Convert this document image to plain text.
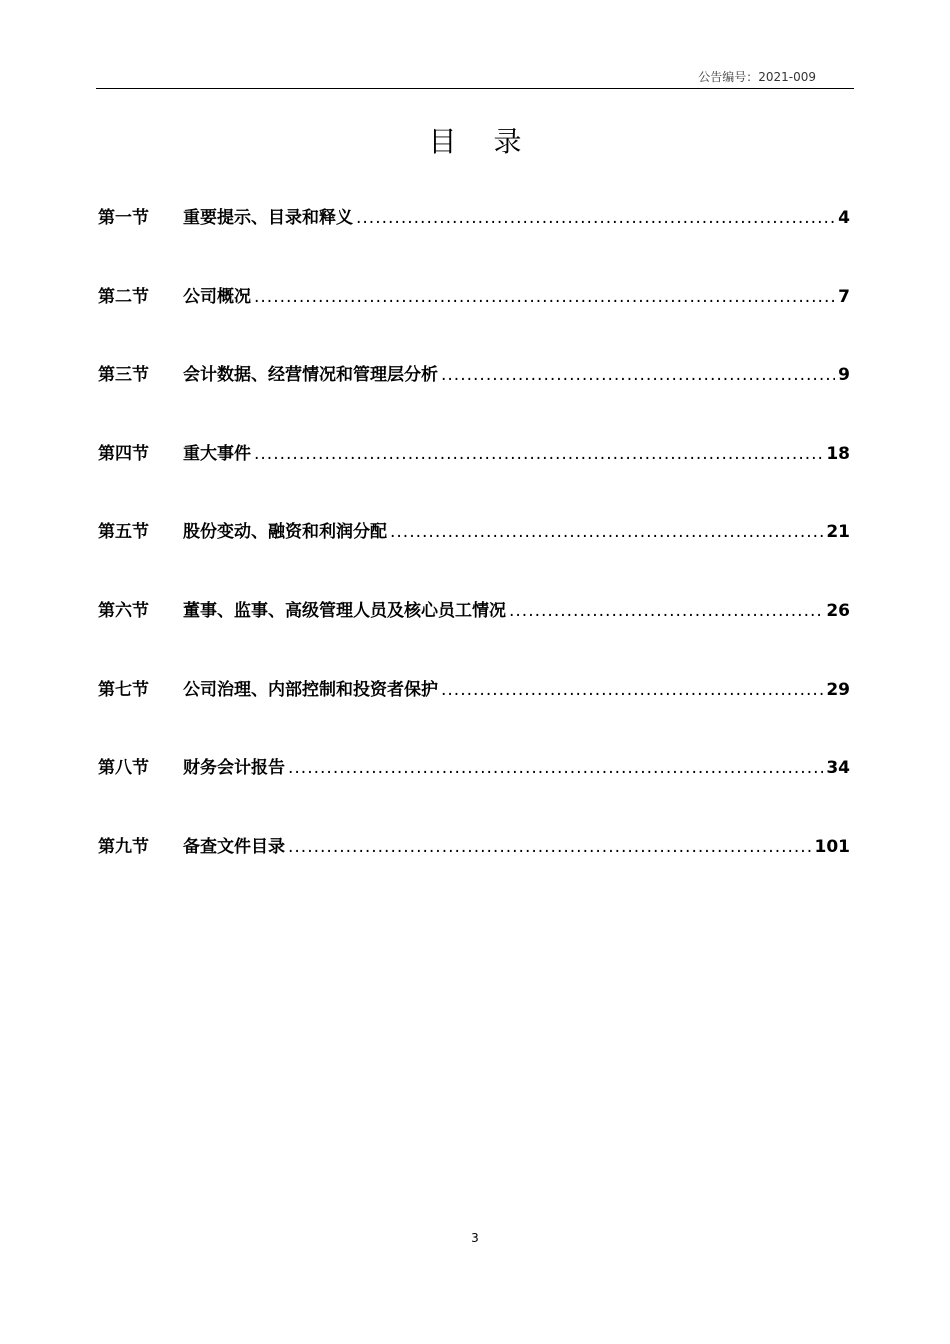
公告编号：2021-009
目 录
第一节	重要提示、目录和释义 .....	4
第二节	公司概况 .....	7
第三节	会计数据、经营情况和管理层分析 .....	9
第四节	重大事件 .....	18
第五节	股份变动、融资和利润分配 .....	21
第六节	董事、监事、高级管理人员及核心员工情况 .....	26
第七节	公司治理、内部控制和投资者保护 .....	29
第八节	财务会计报告 .....	34
第九节	备查文件目录 .....	101
3
